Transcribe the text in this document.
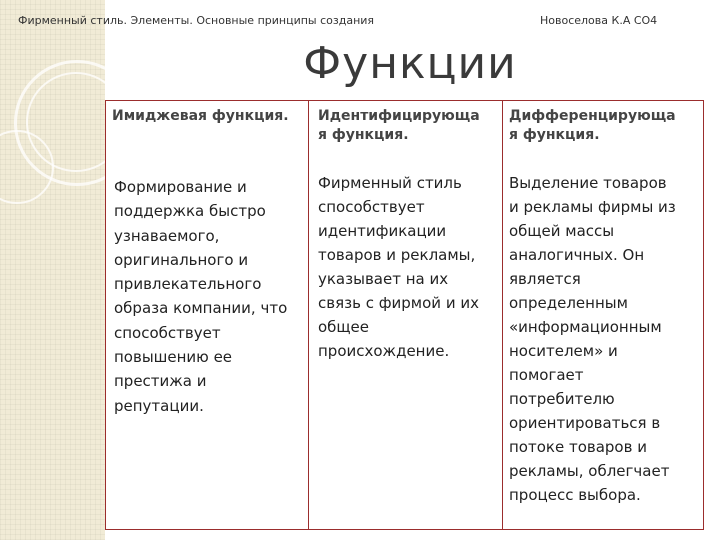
Фирменный стиль. Элементы. Основные принципы создания	Новоселова К.А СО4
Функции
Имиджевая функция.
Формирование и
поддержка быстро
узнаваемого,
оригинального и
привлекательного
образа компании, что
способствует
повышению ее
престижа и
репутации.
Идентифицирующа
я функция.
Фирменный стиль
способствует
идентификации
товаров и рекламы,
указывает на их
связь с фирмой и их
общее
происхождение.
Дифференцирующа
я функция.
Выделение товаров
и рекламы фирмы из
общей массы
аналогичных. Он
является
определенным
«информационным
носителем» и
помогает
потребителю
ориентироваться в
потоке товаров и
рекламы, облегчает
процесс выбора.
